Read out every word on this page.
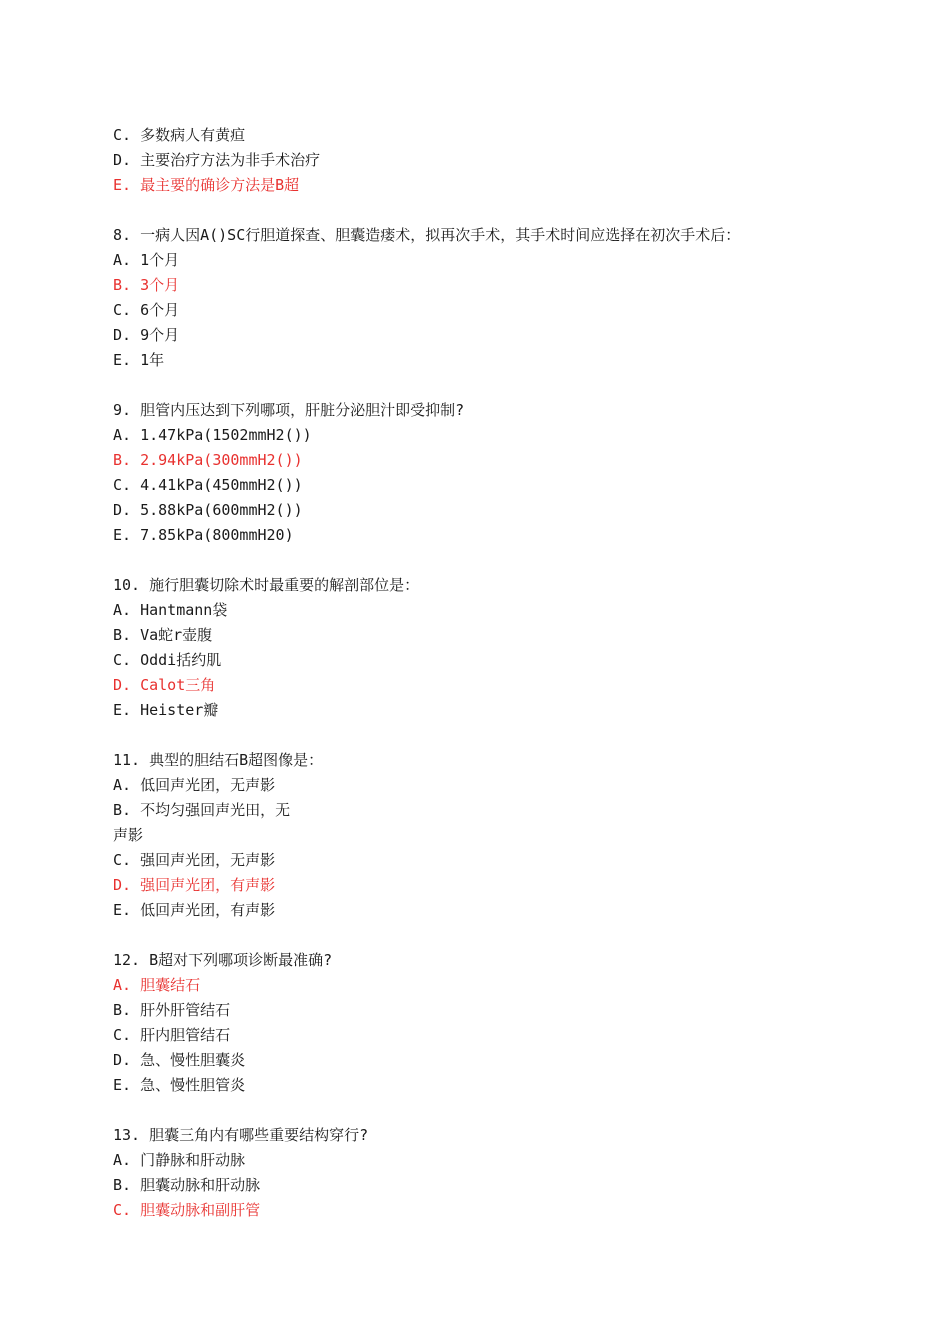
C. 多数病人有黄疸
D. 主要治疗方法为非手术治疗
E. 最主要的确诊方法是B超
8. 一病人因A()SC行胆道探查、胆囊造瘘术，拟再次手术，其手术时间应选择在初次手术后：
A. 1个月
B. 3个月
C. 6个月
D. 9个月
E. 1年
9. 胆管内压达到下列哪项，肝脏分泌胆汁即受抑制?
A. 1.47kPa(1502mmH2())
B. 2.94kPa(300mmH2())
C. 4.41kPa(450mmH2())
D. 5.88kPa(600mmH2())
E. 7.85kPa(800mmH20)
10. 施行胆囊切除术时最重要的解剖部位是：
A. Hantmann袋
B. Va蛇r壶腹
C. Oddi括约肌
D. Calot三角
E. Heister瓣
11. 典型的胆结石B超图像是：
A. 低回声光团，无声影
B. 不均匀强回声光田，无
声影
C. 强回声光团，无声影
D. 强回声光团，有声影
E. 低回声光团，有声影
12. B超对下列哪项诊断最准确?
A. 胆囊结石
B. 肝外肝管结石
C. 肝内胆管结石
D. 急、慢性胆囊炎
E. 急、慢性胆管炎
13. 胆囊三角内有哪些重要结构穿行?
A. 门静脉和肝动脉
B. 胆囊动脉和肝动脉
C. 胆囊动脉和副肝管
